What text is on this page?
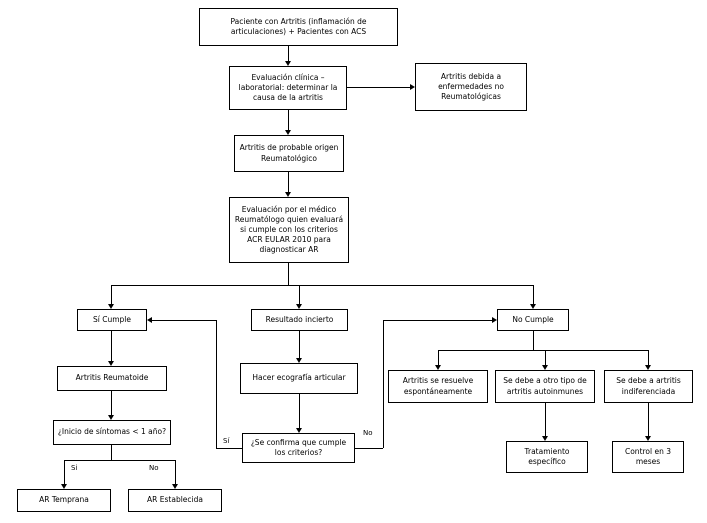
Paciente con Artritis (inflamación de articulaciones) + Pacientes con ACS
Evaluación clínica – laboratorial: determinar la causa de la artritis
Artritis debida a enfermedades no Reumatológicas
Artritis de probable origen Reumatológico
Evaluación por el médico Reumatólogo quien evaluará si cumple con los criterios ACR EULAR 2010 para diagnosticar AR
Sí Cumple	Resultado incierto	No Cumple
Artritis Reumatoide	Hacer ecografía articular	Artritis se resuelve espontáneamente
Se debe a otro tipo de artritis autoinmunes
Se debe a artritis indiferenciada
¿Inicio de síntomas < 1 año?
¿Se confirma que cumple los criterios?	Tratamiento específico
Control en 3 meses
AR Temprana	AR Establecida
Si	No
Sí
No
